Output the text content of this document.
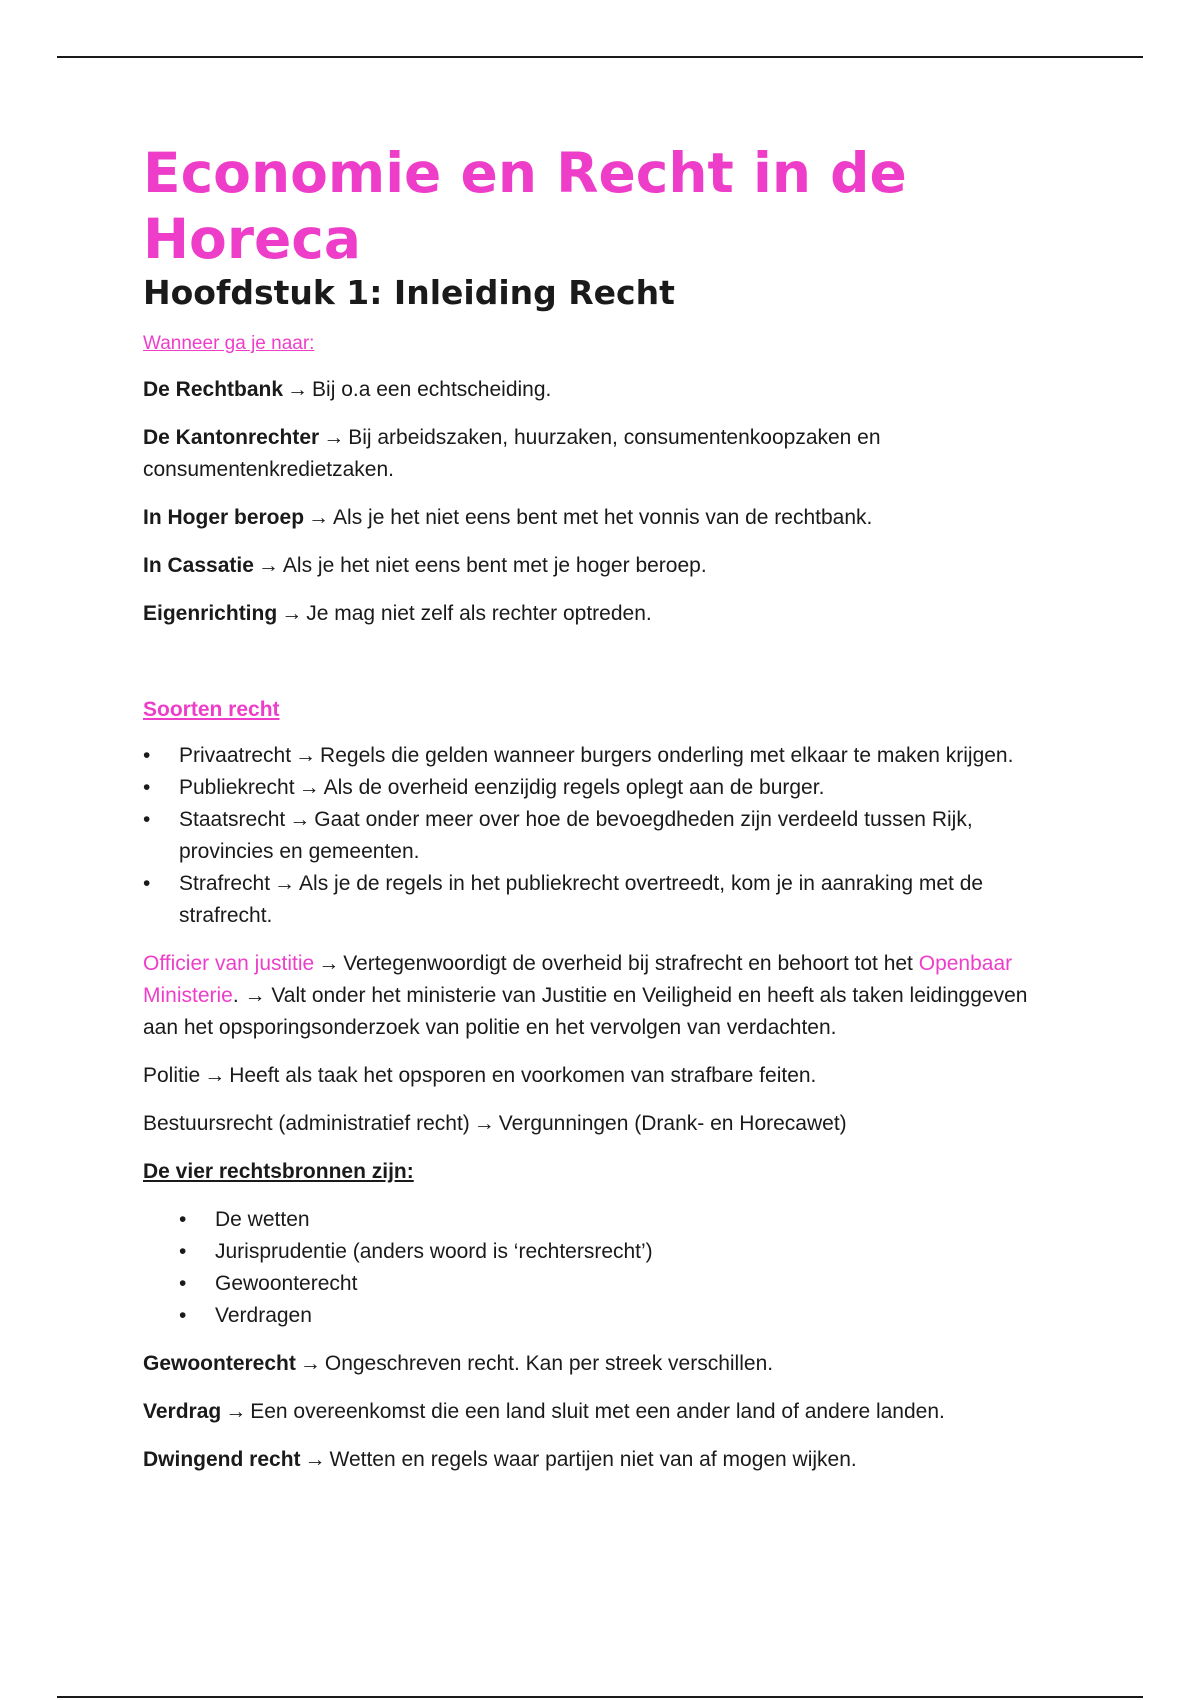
Economie en Recht in de
Horeca
Hoofdstuk 1: Inleiding Recht
Wanneer ga je naar:

De Rechtbank → Bij o.a een echtscheiding.

De Kantonrechter → Bij arbeidszaken, huurzaken, consumentenkoopzaken en consumentenkredietzaken.

In Hoger beroep → Als je het niet eens bent met het vonnis van de rechtbank.

In Cassatie → Als je het niet eens bent met je hoger beroep.

Eigenrichting → Je mag niet zelf als rechter optreden.

Soorten recht
• Privaatrecht → Regels die gelden wanneer burgers onderling met elkaar te maken krijgen.
• Publiekrecht → Als de overheid eenzijdig regels oplegt aan de burger.
• Staatsrecht → Gaat onder meer over hoe de bevoegdheden zijn verdeeld tussen Rijk, provincies en gemeenten.
• Strafrecht → Als je de regels in het publiekrecht overtreedt, kom je in aanraking met de strafrecht.

Officier van justitie → Vertegenwoordigt de overheid bij strafrecht en behoort tot het Openbaar Ministerie. → Valt onder het ministerie van Justitie en Veiligheid en heeft als taken leidinggeven aan het opsporingsonderzoek van politie en het vervolgen van verdachten.

Politie → Heeft als taak het opsporen en voorkomen van strafbare feiten.

Bestuursrecht (administratief recht) → Vergunningen (Drank- en Horecawet)

De vier rechtsbronnen zijn:

• De wetten
• Jurisprudentie (anders woord is ‘rechtersrecht’)
• Gewoonterecht
• Verdragen

Gewoonterecht → Ongeschreven recht. Kan per streek verschillen.

Verdrag → Een overeenkomst die een land sluit met een ander land of andere landen.

Dwingend recht → Wetten en regels waar partijen niet van af mogen wijken.
